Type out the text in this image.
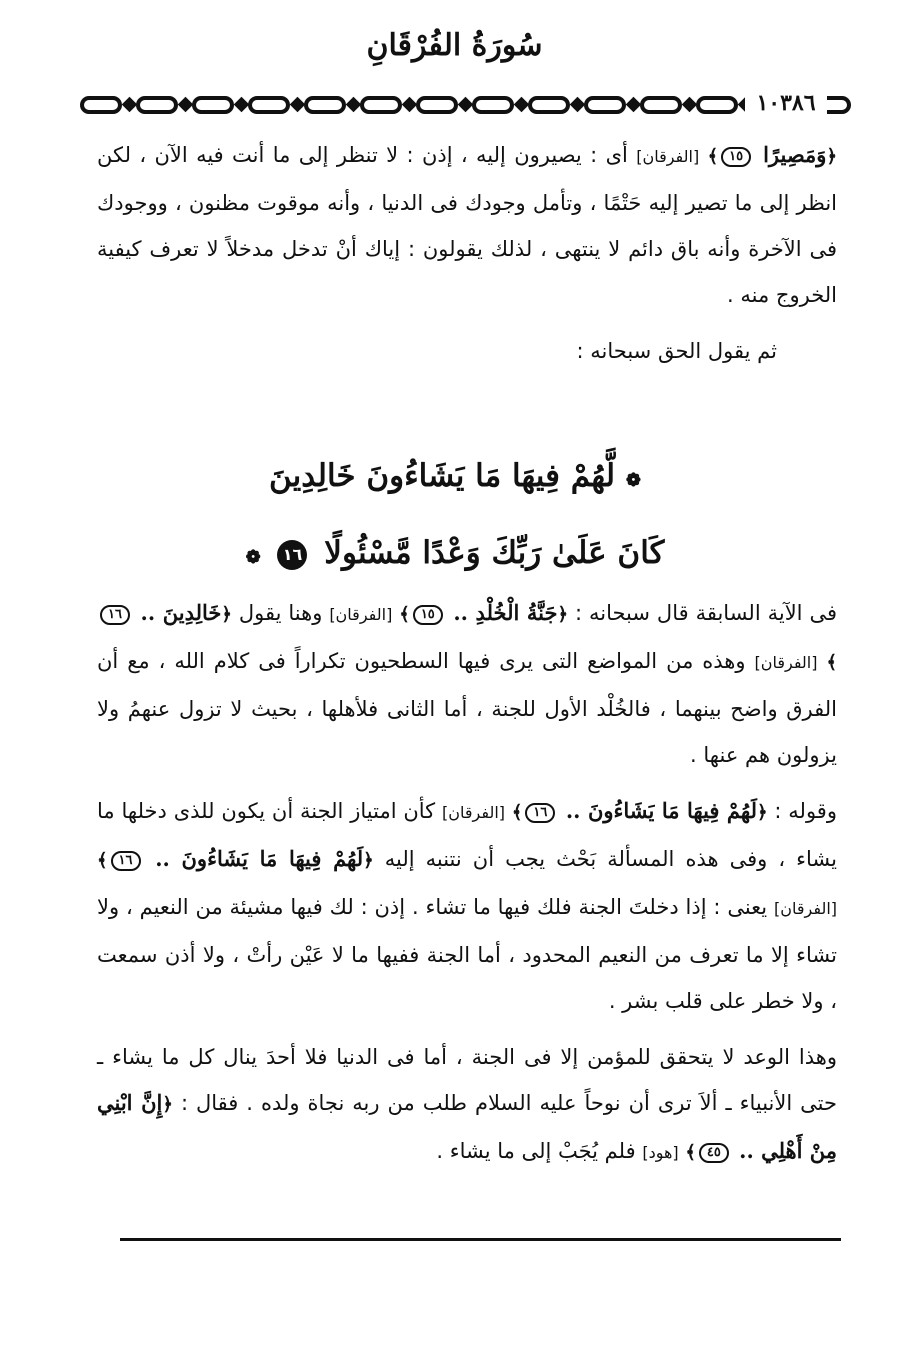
سُورَةُ الفُرْقَانِ
١٠٣٨٦

﴿وَمَصِيرًا ١٥﴾ [الفرقان] أى : يصيرون إليه ، إذن : لا تنظر إلى ما أنت فيه الآن ، لكن انظر إلى ما تصير إليه حَتْمًا ، وتأمل وجودك فى الدنيا ، وأنه موقوت مظنون ، ووجودك فى الآخرة وأنه باق دائم لا ينتهى ، لذلك يقولون : إياك أنْ تدخل مدخلاً لا تعرف كيفية الخروج منه .

ثم يقول الحق سبحانه :

❁ لَّهُمْ فِيهَا مَا يَشَاءُونَ خَالِدِينَ
كَانَ عَلَىٰ رَبِّكَ وَعْدًا مَّسْئُولًا ١٦ ❁

فى الآية السابقة قال سبحانه : ﴿جَنَّةُ الْخُلْدِ .. ١٥﴾ [الفرقان] وهنا يقول ﴿خَالِدِينَ .. ١٦﴾ [الفرقان] وهذه من المواضع التى يرى فيها السطحيون تكراراً فى كلام الله ، مع أن الفرق واضح بينهما ، فالخُلْد الأول للجنة ، أما الثانى فلأهلها ، بحيث لا تزول عنهمُ ولا يزولون هم عنها .

وقوله : ﴿لَهُمْ فِيهَا مَا يَشَاءُونَ .. ١٦﴾ [الفرقان] كأن امتياز الجنة أن يكون للذى دخلها ما يشاء ، وفى هذه المسألة بَحْث يجب أن نتنبه إليه ﴿لَهُمْ فِيهَا مَا يَشَاءُونَ .. ١٦﴾ [الفرقان] يعنى : إذا دخلتَ الجنة فلك فيها ما تشاء . إذن : لك فيها مشيئة من النعيم ، ولا تشاء إلا ما تعرف من النعيم المحدود ، أما الجنة ففيها ما لا عَيْن رأتْ ، ولا أذن سمعت ، ولا خطر على قلب بشر .

وهذا الوعد لا يتحقق للمؤمن إلا فى الجنة ، أما فى الدنيا فلا أحدَ ينال كل ما يشاء ـ حتى الأنبياء ـ ألاَ ترى أن نوحاً عليه السلام طلب من ربه نجاة ولده . فقال : ﴿إِنَّ ابْنِي مِنْ أَهْلِي .. ٤٥﴾ [هود] فلم يُجَبْ إلى ما يشاء .
